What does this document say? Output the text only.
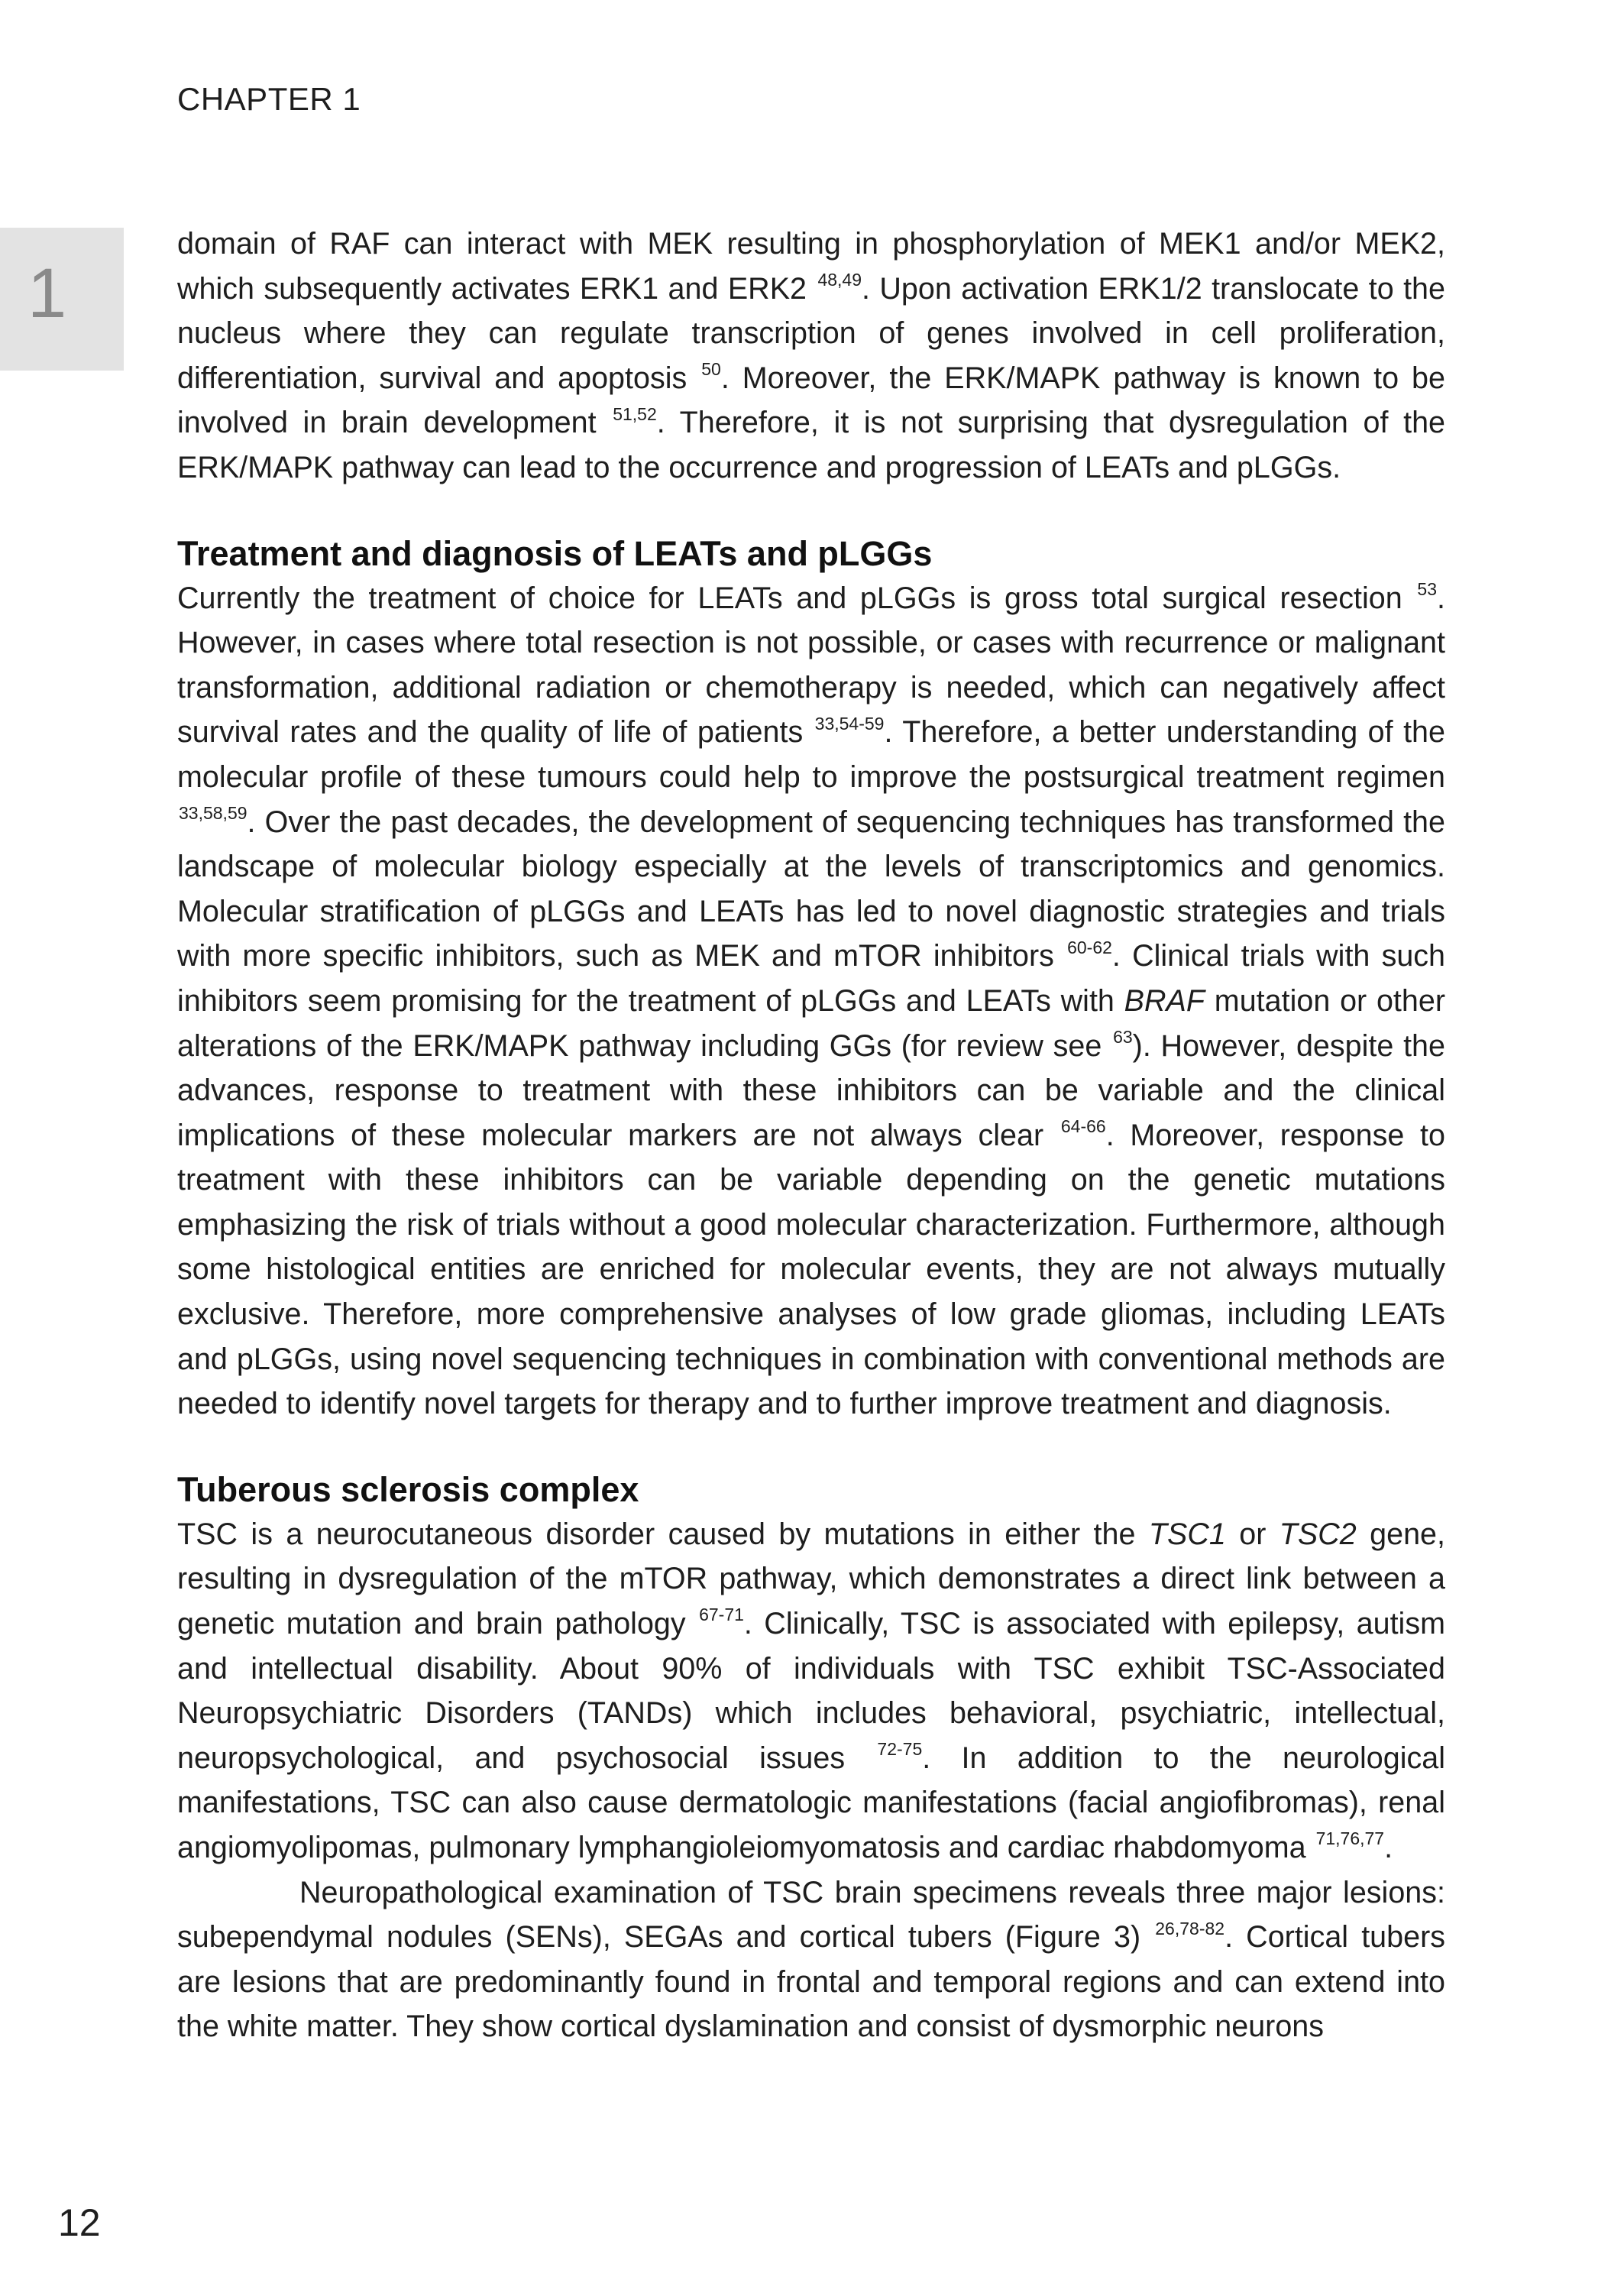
CHAPTER 1
1

domain of RAF can interact with MEK resulting in phosphorylation of MEK1 and/or MEK2, which subsequently activates ERK1 and ERK2 $^{48,49}$. Upon activation ERK1/2 translocate to the nucleus where they can regulate transcription of genes involved in cell proliferation, differentiation, survival and apoptosis $^{50}$. Moreover, the ERK/MAPK pathway is known to be involved in brain development $^{51,52}$. Therefore, it is not surprising that dysregulation of the ERK/MAPK pathway can lead to the occurrence and progression of LEATs and pLGGs.

Treatment and diagnosis of LEATs and pLGGs

Currently the treatment of choice for LEATs and pLGGs is gross total surgical resection $^{53}$. However, in cases where total resection is not possible, or cases with recurrence or malignant transformation, additional radiation or chemotherapy is needed, which can negatively affect survival rates and the quality of life of patients $^{33,54-59}$. Therefore, a better understanding of the molecular profile of these tumours could help to improve the postsurgical treatment regimen $^{33,58,59}$. Over the past decades, the development of sequencing techniques has transformed the landscape of molecular biology especially at the levels of transcriptomics and genomics. Molecular stratification of pLGGs and LEATs has led to novel diagnostic strategies and trials with more specific inhibitors, such as MEK and mTOR inhibitors $^{60-62}$. Clinical trials with such inhibitors seem promising for the treatment of pLGGs and LEATs with BRAF mutation or other alterations of the ERK/MAPK pathway including GGs (for review see $^{63}$). However, despite the advances, response to treatment with these inhibitors can be variable and the clinical implications of these molecular markers are not always clear $^{64-66}$. Moreover, response to treatment with these inhibitors can be variable depending on the genetic mutations emphasizing the risk of trials without a good molecular characterization. Furthermore, although some histological entities are enriched for molecular events, they are not always mutually exclusive. Therefore, more comprehensive analyses of low grade gliomas, including LEATs and pLGGs, using novel sequencing techniques in combination with conventional methods are needed to identify novel targets for therapy and to further improve treatment and diagnosis.

Tuberous sclerosis complex

TSC is a neurocutaneous disorder caused by mutations in either the TSC1 or TSC2 gene, resulting in dysregulation of the mTOR pathway, which demonstrates a direct link between a genetic mutation and brain pathology $^{67-71}$. Clinically, TSC is associated with epilepsy, autism and intellectual disability. About 90% of individuals with TSC exhibit TSC-Associated Neuropsychiatric Disorders (TANDs) which includes behavioral, psychiatric, intellectual, neuropsychological, and psychosocial issues $^{72-75}$. In addition to the neurological manifestations, TSC can also cause dermatologic manifestations (facial angiofibromas), renal angiomyolipomas, pulmonary lymphangioleiomyomatosis and cardiac rhabdomyoma $^{71,76,77}$.

Neuropathological examination of TSC brain specimens reveals three major lesions: subependymal nodules (SENs), SEGAs and cortical tubers (Figure 3) $^{26,78-82}$. Cortical tubers are lesions that are predominantly found in frontal and temporal regions and can extend into the white matter. They show cortical dyslamination and consist of dysmorphic neurons

12
